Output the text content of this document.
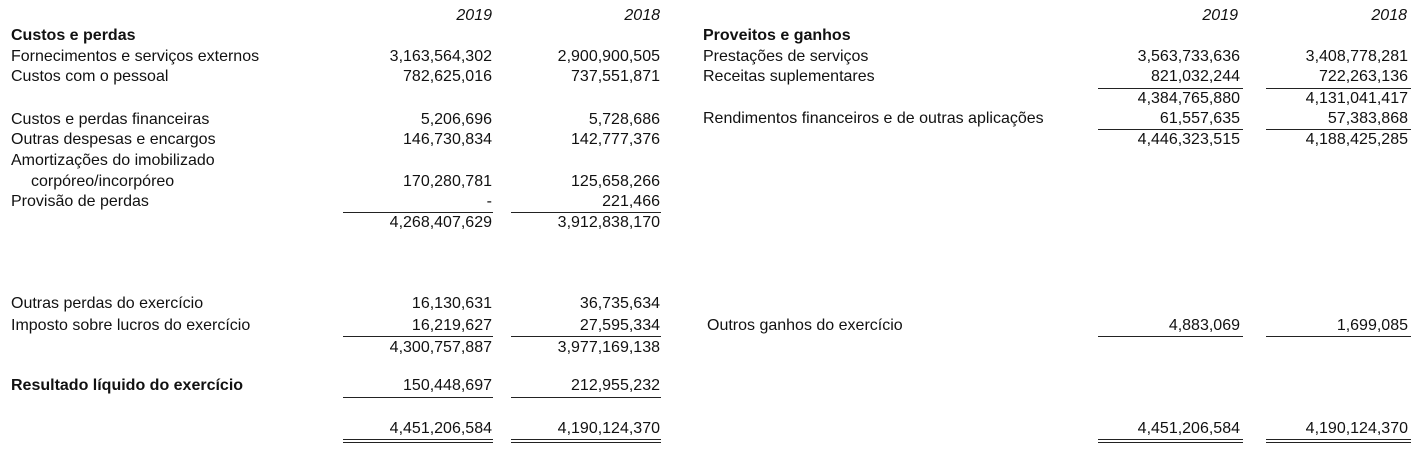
2019	2018
Custos e perdas
Fornecimentos e serviços externos	3,163,564,302	2,900,900,505
Custos com o pessoal	782,625,016	737,551,871
Custos e perdas financeiras	5,206,696	5,728,686
Outras despesas e encargos	146,730,834	142,777,376
Amortizações do imobilizado
corpóreo/incorpóreo	170,280,781	125,658,266
Provisão de perdas	-	221,466
4,268,407,629	3,912,838,170
Outras perdas do exercício	16,130,631	36,735,634
Imposto sobre lucros do exercício	16,219,627	27,595,334
4,300,757,887	3,977,169,138
Resultado líquido do exercício	150,448,697	212,955,232
4,451,206,584	4,190,124,370
2019	2018
Proveitos e ganhos
Prestações de serviços	3,563,733,636	3,408,778,281
Receitas suplementares	821,032,244	722,263,136
4,384,765,880	4,131,041,417
Rendimentos financeiros e de outras aplicações	61,557,635	57,383,868
4,446,323,515	4,188,425,285
Outros ganhos do exercício	4,883,069	1,699,085
4,451,206,584	4,190,124,370
